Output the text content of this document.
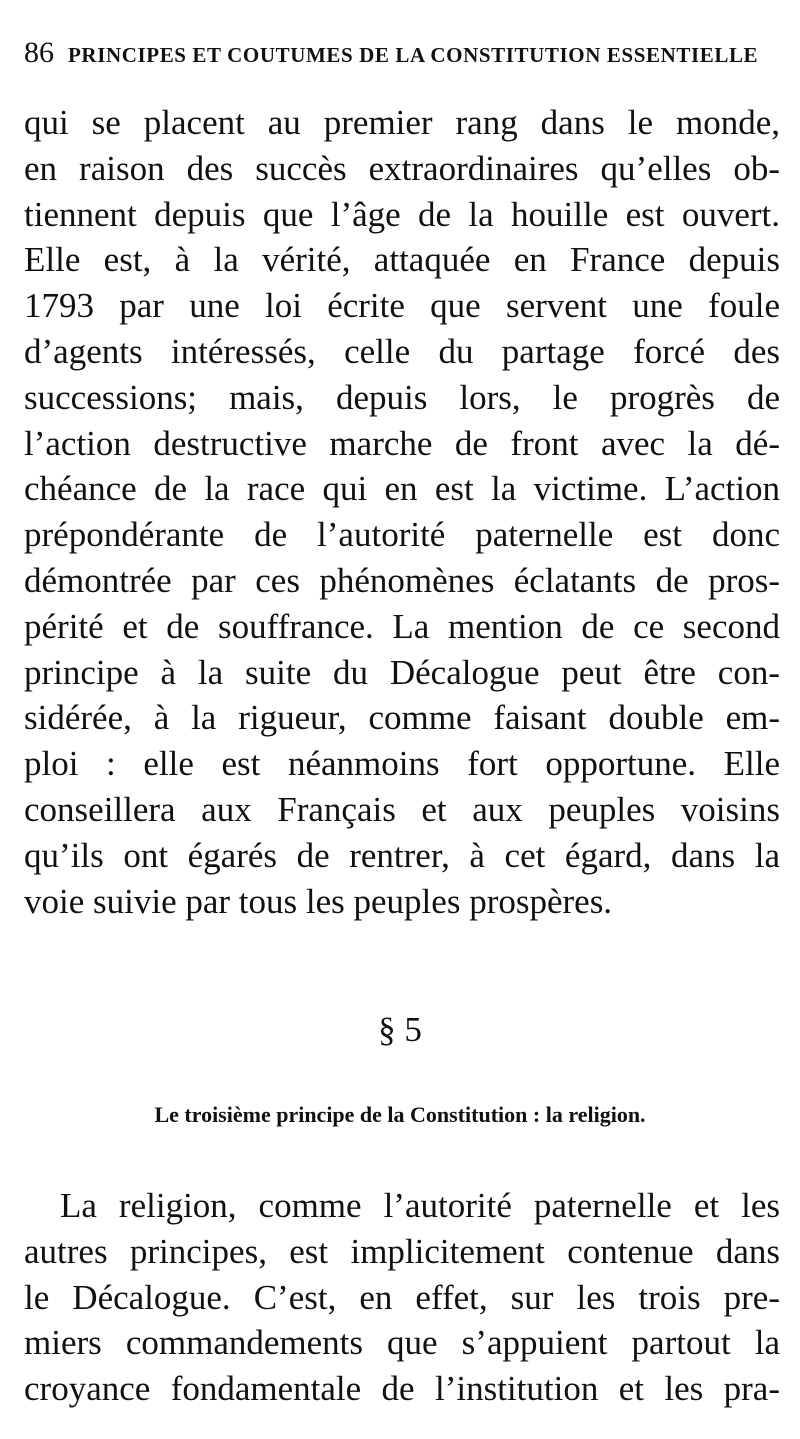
86 PRINCIPES ET COUTUMES DE LA CONSTITUTION ESSENTIELLE
qui se placent au premier rang dans le monde,
en raison des succès extraordinaires qu’elles ob-
tiennent depuis que l’âge de la houille est ouvert.
Elle est, à la vérité, attaquée en France depuis
1793 par une loi écrite que servent une foule
d’agents intéressés, celle du partage forcé des
successions; mais, depuis lors, le progrès de
l’action destructive marche de front avec la dé-
chéance de la race qui en est la victime. L’action
prépondérante de l’autorité paternelle est donc
démontrée par ces phénomènes éclatants de pros-
périté et de souffrance. La mention de ce second
principe à la suite du Décalogue peut être con-
sidérée, à la rigueur, comme faisant double em-
ploi : elle est néanmoins fort opportune. Elle
conseillera aux Français et aux peuples voisins
qu’ils ont égarés de rentrer, à cet égard, dans la
voie suivie par tous les peuples prospères.
§ 5
Le troisième principe de la Constitution : la religion.
La religion, comme l’autorité paternelle et les
autres principes, est implicitement contenue dans
le Décalogue. C’est, en effet, sur les trois pre-
miers commandements que s’appuient partout la
croyance fondamentale de l’institution et les pra-
